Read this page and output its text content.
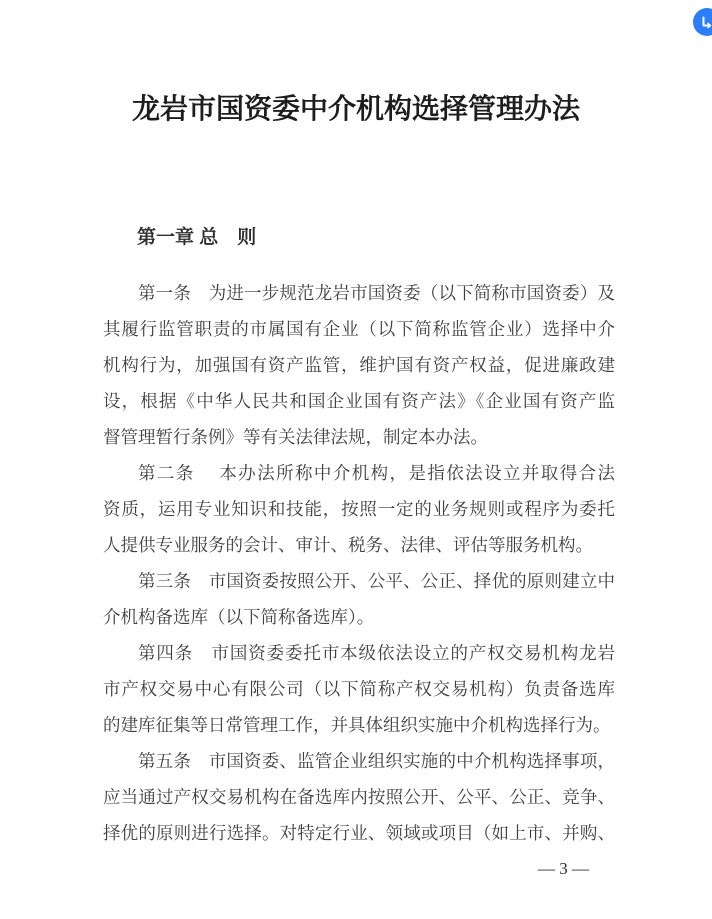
龙岩市国资委中介机构选择管理办法
第一章 总　则
第一条　为进一步规范龙岩市国资委（以下简称市国资委）及
其履行监管职责的市属国有企业（以下简称监管企业）选择中介
机构行为，加强国有资产监管，维护国有资产权益，促进廉政建
设，根据《中华人民共和国企业国有资产法》《企业国有资产监
督管理暂行条例》等有关法律法规，制定本办法。
第二条　 本办法所称中介机构，是指依法设立并取得合法
资质，运用专业知识和技能，按照一定的业务规则或程序为委托
人提供专业服务的会计、审计、税务、法律、评估等服务机构。
第三条　市国资委按照公开、公平、公正、择优的原则建立中
介机构备选库（以下简称备选库）。
第四条　市国资委委托市本级依法设立的产权交易机构龙岩
市产权交易中心有限公司（以下简称产权交易机构）负责备选库
的建库征集等日常管理工作，并具体组织实施中介机构选择行为。
第五条　市国资委、监管企业组织实施的中介机构选择事项，
应当通过产权交易机构在备选库内按照公开、公平、公正、竞争、
择优的原则进行选择。对特定行业、领域或项目（如上市、并购、
— 3 —
